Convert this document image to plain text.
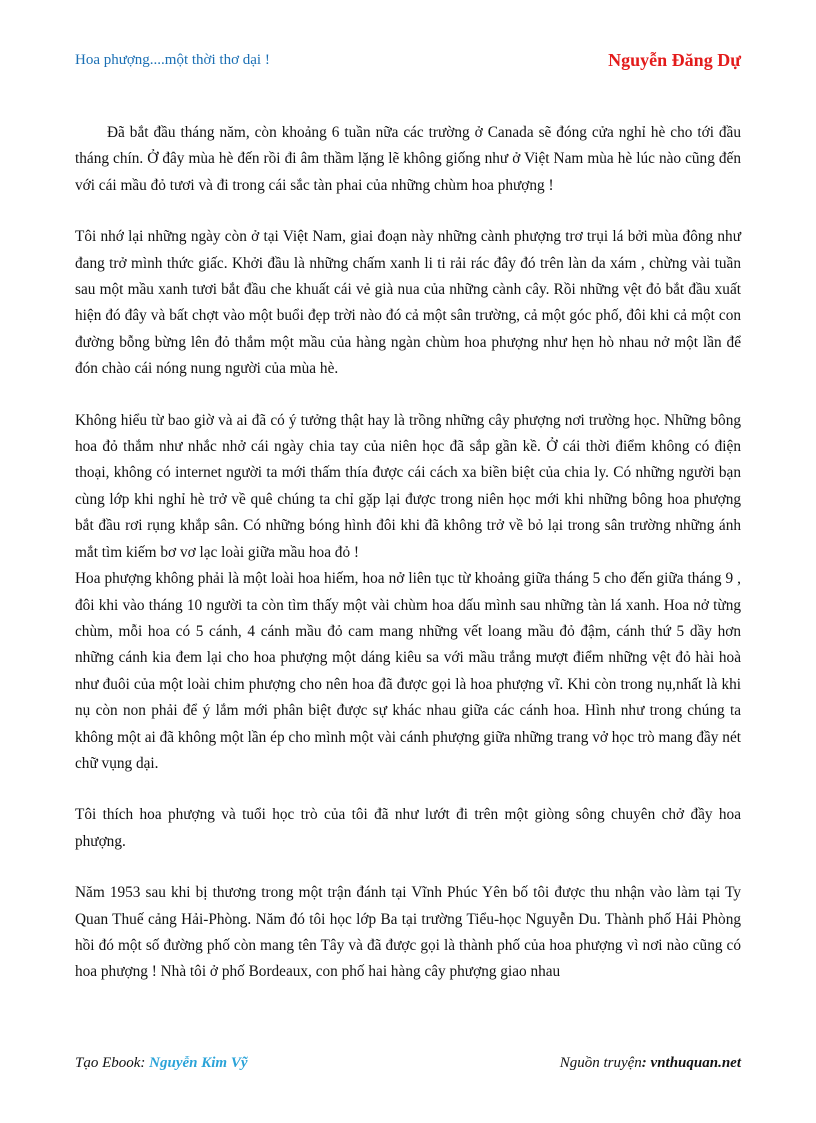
Hoa phượng....một thời thơ dại !	Nguyễn Đăng Dự

Đã bắt đầu tháng năm, còn khoảng 6 tuần nữa các trường ở Canada sẽ đóng cửa nghỉ hè cho tới đầu tháng chín. Ở đây mùa hè đến rồi đi âm thầm lặng lẽ không giống như ở Việt Nam mùa hè lúc nào cũng đến với cái mầu đỏ tươi và đi trong cái sắc tàn phai của những chùm hoa phượng !

Tôi nhớ lại những ngày còn ở tại Việt Nam, giai đoạn này những cành phượng trơ trụi lá bởi mùa đông như đang trở mình thức giấc. Khởi đầu là những chấm xanh li ti rải rác đây đó trên làn da xám , chừng vài tuần sau một mầu xanh tươi bắt đầu che khuất cái vẻ già nua của những cành cây. Rồi những vệt đỏ bắt đầu xuất hiện đó đây và bất chợt vào một buổi đẹp trời nào đó cả một sân trường, cả một góc phố, đôi khi cả một con đường bỗng bừng lên đỏ thắm một mầu của hàng ngàn chùm hoa phượng như hẹn hò nhau nở một lần để đón chào cái nóng nung người của mùa hè.

Không hiểu từ bao giờ và ai đã có ý tưởng thật hay là trồng những cây phượng nơi trường học. Những bông hoa đỏ thắm như nhắc nhở cái ngày chia tay của niên học đã sắp gần kề. Ở cái thời điểm không có điện thoại, không có internet người ta mới thấm thía được cái cách xa biền biệt của chia ly. Có những người bạn cùng lớp khi nghỉ hè trở về quê chúng ta chỉ gặp lại được trong niên học mới khi những bông hoa phượng bắt đầu rơi rụng khắp sân. Có những bóng hình đôi khi đã không trở về bỏ lại trong sân trường những ánh mắt tìm kiếm bơ vơ lạc loài giữa mầu hoa đỏ !

Hoa phượng không phải là một loài hoa hiếm, hoa nở liên tục từ khoảng giữa tháng 5 cho đến giữa tháng 9 , đôi khi vào tháng 10 người ta còn tìm thấy một vài chùm hoa dấu mình sau những tàn lá xanh. Hoa nở từng chùm, mỗi hoa có 5 cánh, 4 cánh mầu đỏ cam mang những vết loang mầu đỏ đậm, cánh thứ 5 dầy hơn những cánh kia đem lại cho hoa phượng một dáng kiêu sa với mầu trắng mượt điểm những vệt đỏ hài hoà như đuôi của một loài chim phượng cho nên hoa đã được gọi là hoa phượng vĩ. Khi còn trong nụ,nhất là khi nụ còn non phải để ý lắm mới phân biệt được sự khác nhau giữa các cánh hoa. Hình như trong chúng ta không một ai đã không một lần ép cho mình một vài cánh phượng giữa những trang vở học trò mang đầy nét chữ vụng dại.

Tôi thích hoa phượng và tuổi học trò của tôi đã như lướt đi trên một giòng sông chuyên chở đầy hoa phượng.

Năm 1953 sau khi bị thương trong một trận đánh tại Vĩnh Phúc Yên bố tôi được thu nhận vào làm tại Ty Quan Thuế cảng Hải-Phòng. Năm đó tôi học lớp Ba tại trường Tiểu-học Nguyễn Du. Thành phố Hải Phòng hồi đó một số đường phố còn mang tên Tây và đã được gọi là thành phố của hoa phượng vì nơi nào cũng có hoa phượng ! Nhà tôi ở phố Bordeaux, con phố hai hàng cây phượng giao nhau

Tạo Ebook: Nguyễn Kim Vỹ	Nguồn truyện: vnthuquan.net
